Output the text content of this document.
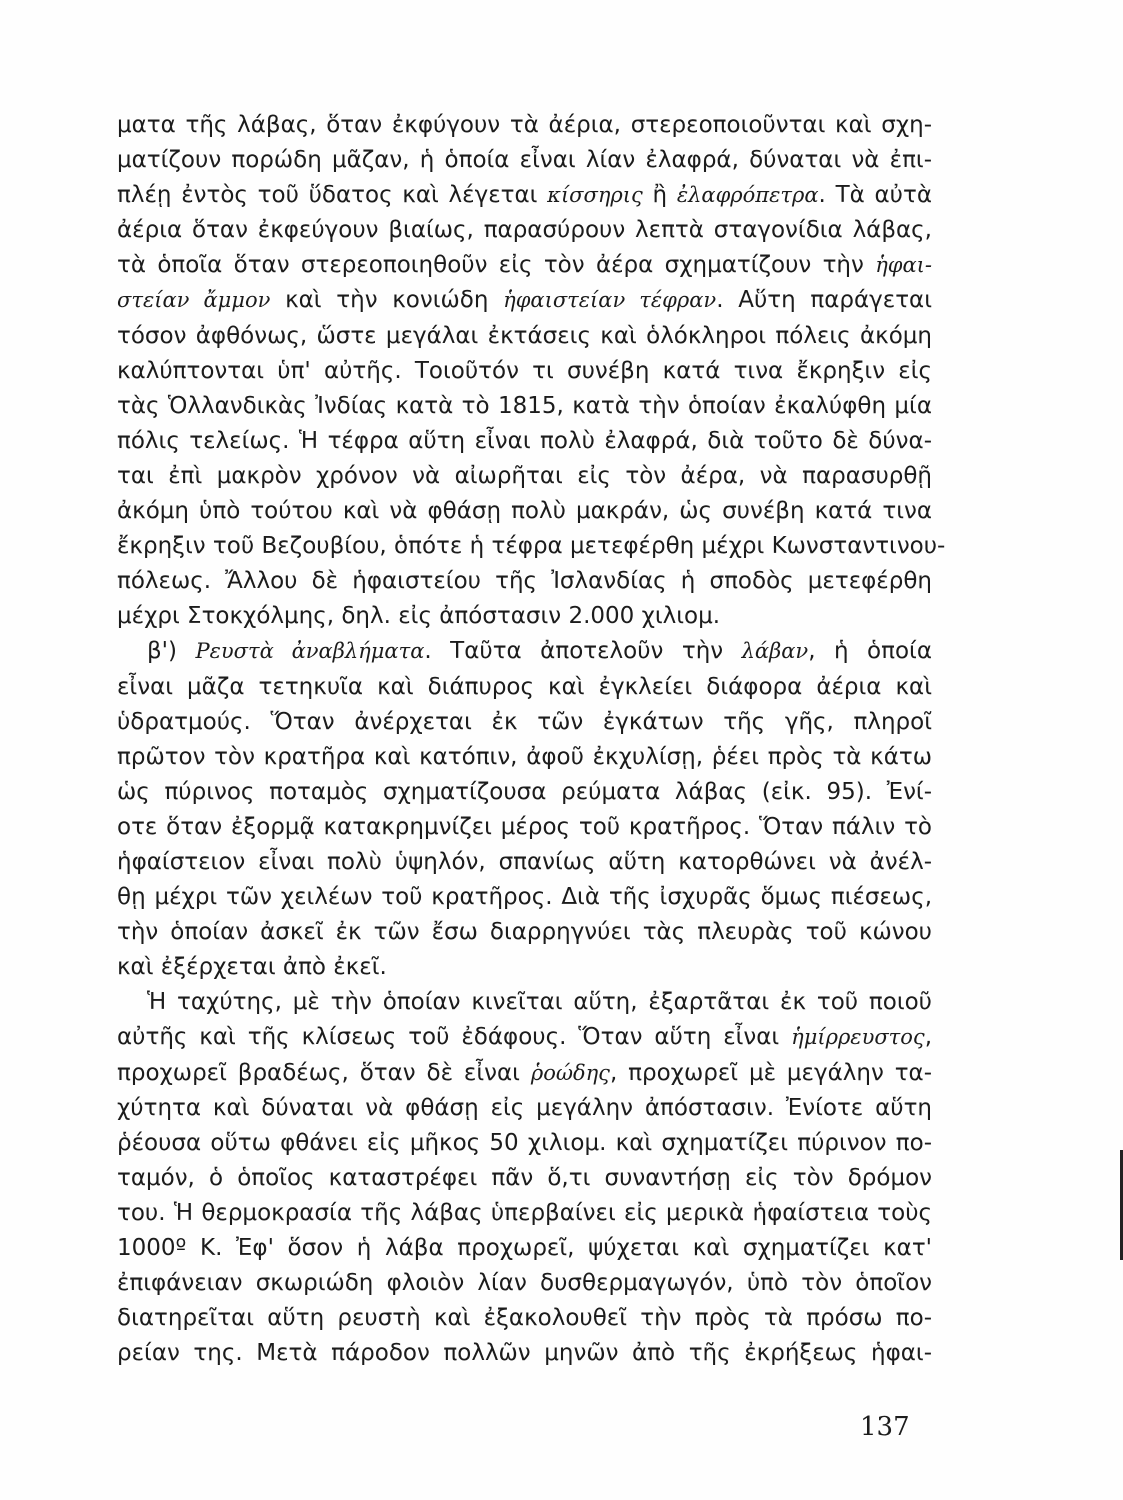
ματα τῆς λάβας, ὅταν ἐκφύγουν τὰ ἀέρια, στερεοποιοῦνται καὶ σχη-
ματίζουν πορώδη μᾶζαν, ἡ ὁποία εἶναι λίαν ἐλαφρά, δύναται νὰ ἐπι-
πλέῃ ἐντὸς τοῦ ὕδατος καὶ λέγεται κίσσηρις ἢ ἐλαφρόπετρα. Τὰ αὐτὰ
ἀέρια ὅταν ἐκφεύγουν βιαίως, παρασύρουν λεπτὰ σταγονίδια λάβας,
τὰ ὁποῖα ὅταν στερεοποιηθοῦν εἰς τὸν ἀέρα σχηματίζουν τὴν ἡφαι-
στείαν ἄμμον καὶ τὴν κονιώδη ἡφαιστείαν τέφραν. Αὕτη παράγεται
τόσον ἀφθόνως, ὥστε μεγάλαι ἐκτάσεις καὶ ὁλόκληροι πόλεις ἀκόμη
καλύπτονται ὑπ' αὐτῆς. Τοιοῦτόν τι συνέβη κατά τινα ἔκρηξιν εἰς
τὰς Ὁλλανδικὰς Ἰνδίας κατὰ τὸ 1815, κατὰ τὴν ὁποίαν ἐκαλύφθη μία
πόλις τελείως. Ἡ τέφρα αὕτη εἶναι πολὺ ἐλαφρά, διὰ τοῦτο δὲ δύνα-
ται ἐπὶ μακρὸν χρόνον νὰ αἰωρῆται εἰς τὸν ἀέρα, νὰ παρασυρθῇ
ἀκόμη ὑπὸ τούτου καὶ νὰ φθάσῃ πολὺ μακράν, ὡς συνέβη κατά τινα
ἔκρηξιν τοῦ Βεζουβίου, ὁπότε ἡ τέφρα μετεφέρθη μέχρι Κωνσταντινου-
πόλεως. Ἄλλου δὲ ἡφαιστείου τῆς Ἰσλανδίας ἡ σποδὸς μετεφέρθη
μέχρι Στοκχόλμης, δηλ. εἰς ἀπόστασιν 2.000 χιλιομ.
β') Ρευστὰ ἀναβλήματα. Ταῦτα ἀποτελοῦν τὴν λάβαν, ἡ ὁποία
εἶναι μᾶζα τετηκυῖα καὶ διάπυρος καὶ ἐγκλείει διάφορα ἀέρια καὶ
ὑδρατμούς. Ὅταν ἀνέρχεται ἐκ τῶν ἐγκάτων τῆς γῆς, πληροῖ
πρῶτον τὸν κρατῆρα καὶ κατόπιν, ἀφοῦ ἐκχυλίσῃ, ῥέει πρὸς τὰ κάτω
ὡς πύρινος ποταμὸς σχηματίζουσα ρεύματα λάβας (εἰκ. 95). Ἐνί-
οτε ὅταν ἐξορμᾷ κατακρημνίζει μέρος τοῦ κρατῆρος. Ὅταν πάλιν τὸ
ἡφαίστειον εἶναι πολὺ ὑψηλόν, σπανίως αὕτη κατορθώνει νὰ ἀνέλ-
θῃ μέχρι τῶν χειλέων τοῦ κρατῆρος. Διὰ τῆς ἰσχυρᾶς ὅμως πιέσεως,
τὴν ὁποίαν ἀσκεῖ ἐκ τῶν ἔσω διαρρηγνύει τὰς πλευρὰς τοῦ κώνου
καὶ ἐξέρχεται ἀπὸ ἐκεῖ.
Ἡ ταχύτης, μὲ τὴν ὁποίαν κινεῖται αὕτη, ἐξαρτᾶται ἐκ τοῦ ποιοῦ
αὐτῆς καὶ τῆς κλίσεως τοῦ ἐδάφους. Ὅταν αὕτη εἶναι ἡμίρρευστος,
προχωρεῖ βραδέως, ὅταν δὲ εἶναι ῥοώδης, προχωρεῖ μὲ μεγάλην τα-
χύτητα καὶ δύναται νὰ φθάσῃ εἰς μεγάλην ἀπόστασιν. Ἐνίοτε αὕτη
ῥέουσα οὕτω φθάνει εἰς μῆκος 50 χιλιομ. καὶ σχηματίζει πύρινον πο-
ταμόν, ὁ ὁποῖος καταστρέφει πᾶν ὅ,τι συναντήσῃ εἰς τὸν δρόμον
του. Ἡ θερμοκρασία τῆς λάβας ὑπερβαίνει εἰς μερικὰ ἡφαίστεια τοὺς
1000º Κ. Ἐφ' ὅσον ἡ λάβα προχωρεῖ, ψύχεται καὶ σχηματίζει κατ'
ἐπιφάνειαν σκωριώδη φλοιὸν λίαν δυσθερμαγωγόν, ὑπὸ τὸν ὁποῖον
διατηρεῖται αὕτη ρευστὴ καὶ ἐξακολουθεῖ τὴν πρὸς τὰ πρόσω πο-
ρείαν της. Μετὰ πάροδον πολλῶν μηνῶν ἀπὸ τῆς ἐκρήξεως ἡφαι-
137
